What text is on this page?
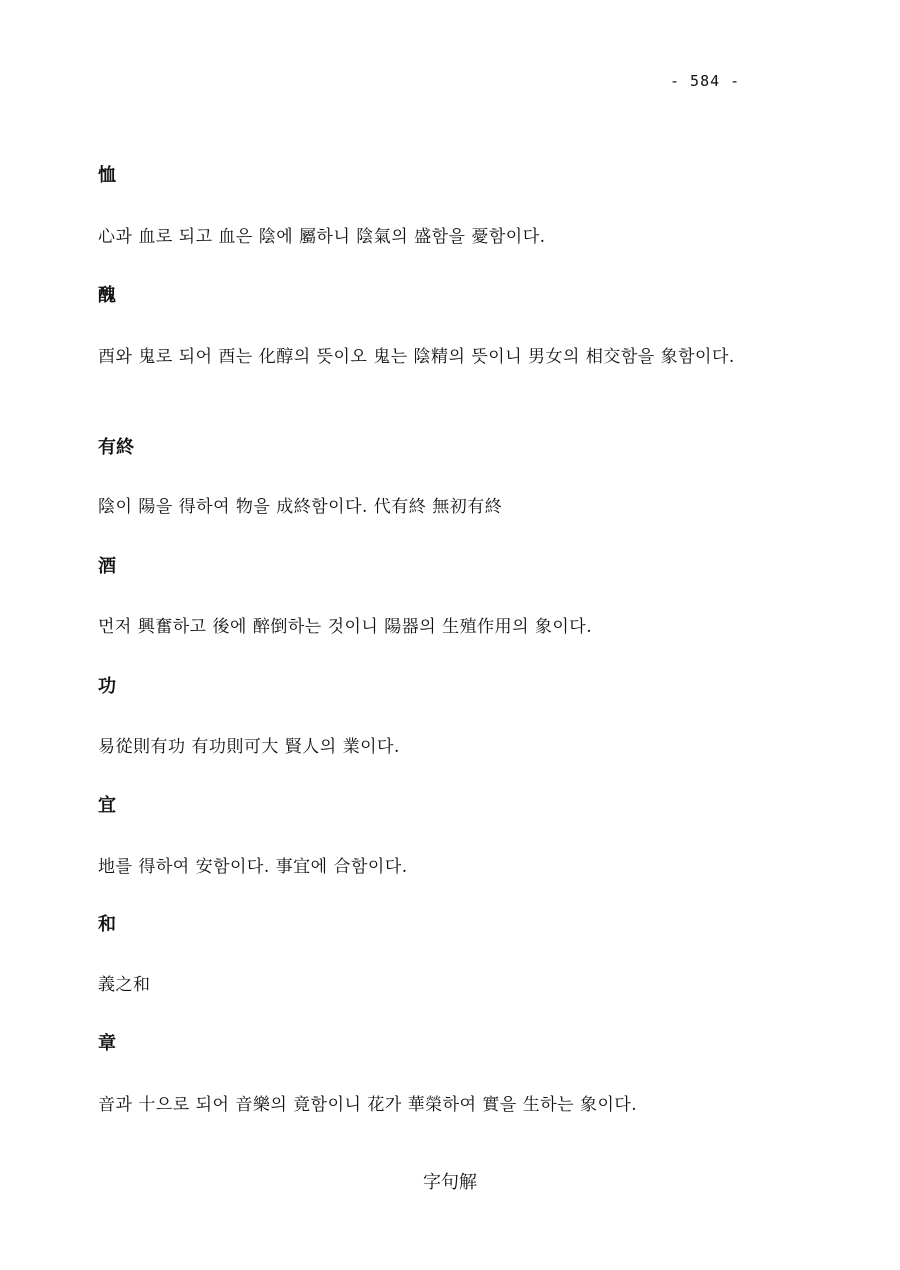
- 584 -
恤
心과 血로 되고 血은 陰에 屬하니 陰氣의 盛함을 憂함이다.
醜
酉와 鬼로 되어 酉는 化醇의 뜻이오 鬼는 陰精의 뜻이니 男女의 相交함을 象함이다.
有終
陰이 陽을 得하여 物을 成終함이다. 代有終 無初有終
酒
먼저 興奮하고 後에 醉倒하는 것이니 陽器의 生殖作用의 象이다.
功
易從則有功 有功則可大 賢人의 業이다.
宜
地를 得하여 安함이다. 事宜에 合함이다.
和
義之和
章
音과 十으로 되어 音樂의 竟함이니 花가 華榮하여 實을 生하는 象이다.
字句解
